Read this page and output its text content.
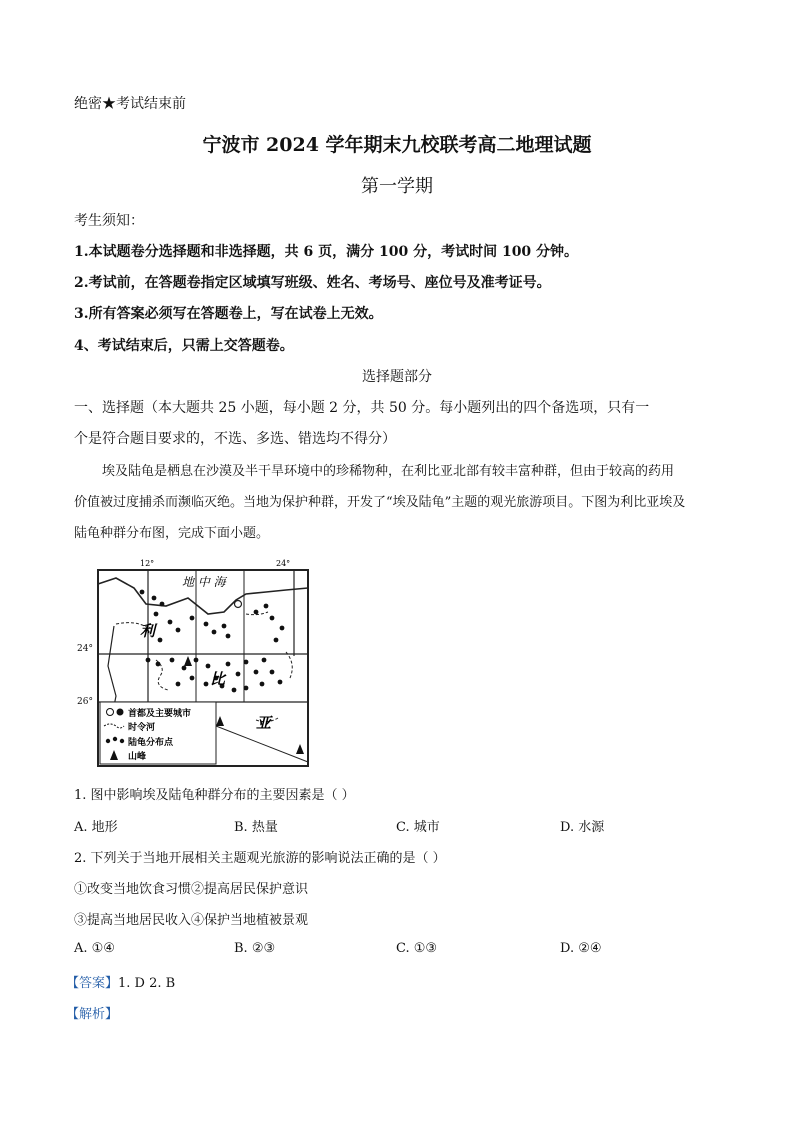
绝密★考试结束前
宁波市 2024 学年期末九校联考高二地理试题
第一学期
考生须知：
1.本试题卷分选择题和非选择题，共 6 页，满分 100 分，考试时间 100 分钟。
2.考试前，在答题卷指定区域填写班级、姓名、考场号、座位号及准考证号。
3.所有答案必须写在答题卷上，写在试卷上无效。
4、考试结束后，只需上交答题卷。
选择题部分
一、选择题（本大题共 25 小题，每小题 2 分，共 50 分。每小题列出的四个备选项，只有一
个是符合题目要求的，不选、多选、错选均不得分）
埃及陆龟是栖息在沙漠及半干旱环境中的珍稀物种，在利比亚北部有较丰富种群，但由于较高的药用
价值被过度捕杀而濒临灭绝。当地为保护种群，开发了“埃及陆龟”主题的观光旅游项目。下图为利比亚埃及
陆龟种群分布图，完成下面小题。
地 中 海
利
比
亚
12°	24°
首都及主要城市
时令河
陆龟分布点
山峰
24°
26°
1. 图中影响埃及陆龟种群分布的主要因素是（ ）
A. 地形	B. 热量	C. 城市	D. 水源
2. 下列关于当地开展相关主题观光旅游的影响说法正确的是（ ）
①改变当地饮食习惯②提高居民保护意识
③提高当地居民收入④保护当地植被景观
A. ①④	B. ②③	C. ①③	D. ②④
【答案】1. D 2. B
【解析】
